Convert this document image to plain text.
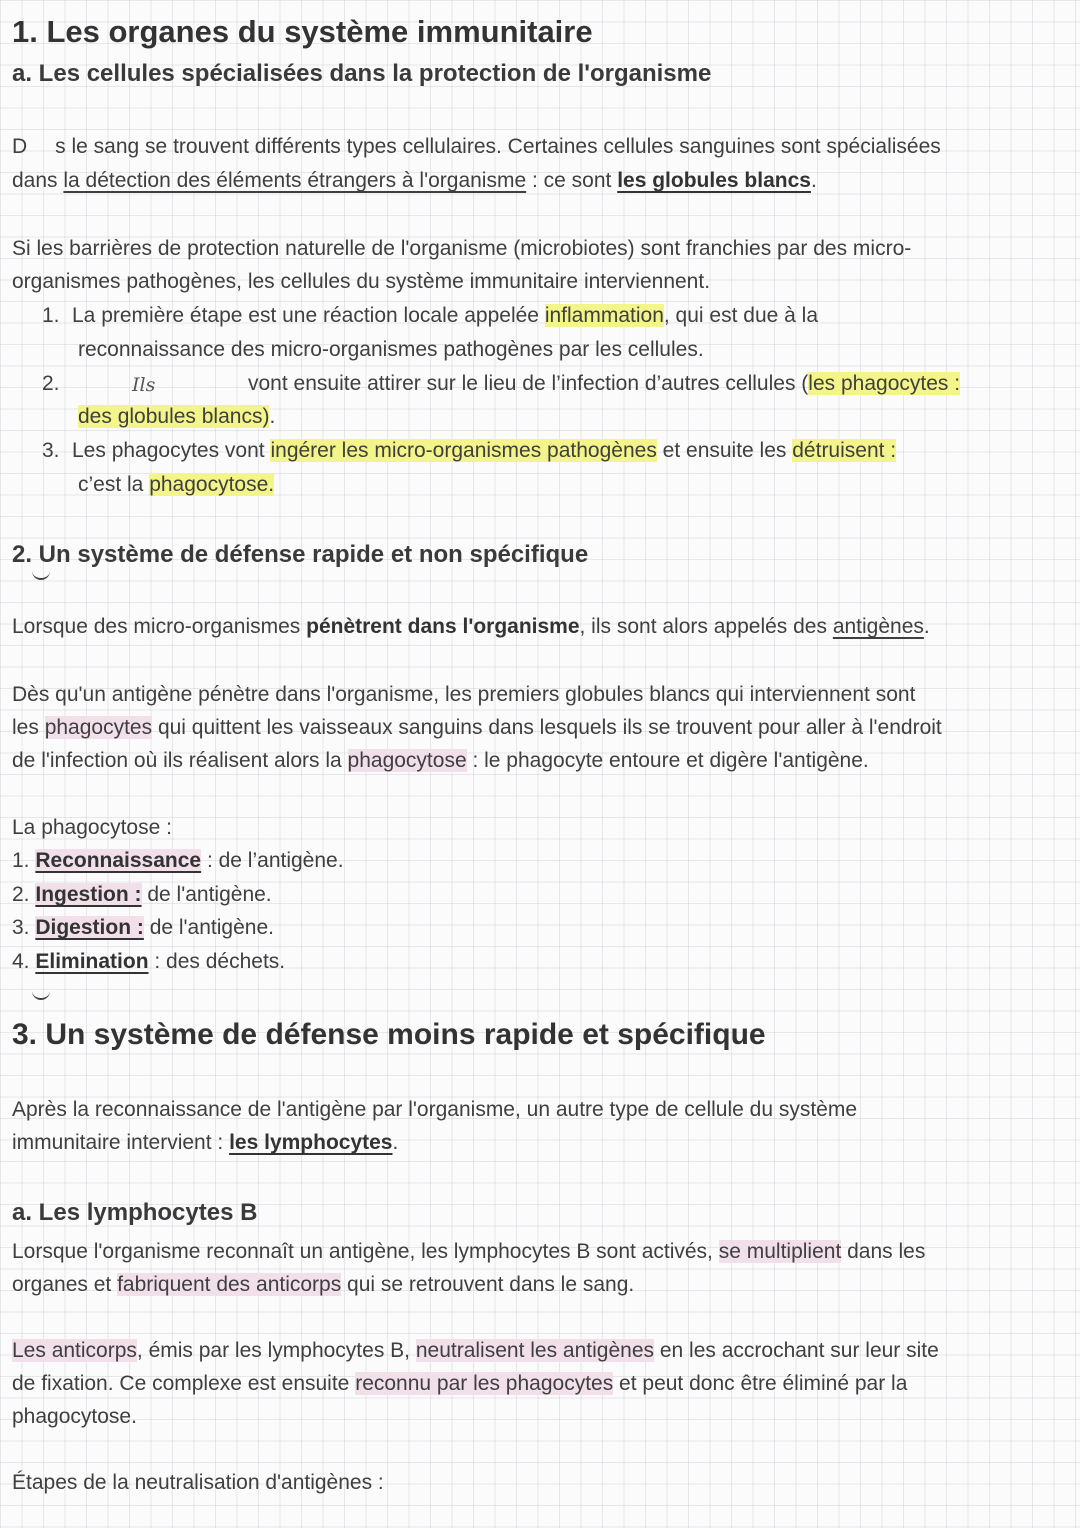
1. Les organes du système immunitaire
a. Les cellules spécialisées dans la protection de l'organisme
D s le sang se trouvent différents types cellulaires. Certaines cellules sanguines sont spécialisées
dans la détection des éléments étrangers à l'organisme : ce sont les globules blancs.
Si les barrières de protection naturelle de l'organisme (microbiotes) sont franchies par des micro-
organismes pathogènes, les cellules du système immunitaire interviennent.
1. La première étape est une réaction locale appelée inflammation, qui est due à la
reconnaissance des micro-organismes pathogènes par les cellules.
2.	Ils	vont ensuite attirer sur le lieu de l’infection d’autres cellules (les phagocytes :
des globules blancs).
3. Les phagocytes vont ingérer les micro-organismes pathogènes et ensuite les détruisent :
c’est la phagocytose.
2. Un système de défense rapide et non spécifique
Lorsque des micro-organismes pénètrent dans l'organisme, ils sont alors appelés des antigènes.
Dès qu'un antigène pénètre dans l'organisme, les premiers globules blancs qui interviennent sont
les phagocytes qui quittent les vaisseaux sanguins dans lesquels ils se trouvent pour aller à l'endroit
de l'infection où ils réalisent alors la phagocytose : le phagocyte entoure et digère l'antigène.
La phagocytose :
1. Reconnaissance : de l’antigène.
2. Ingestion : de l'antigène.
3. Digestion : de l'antigène.
4. Elimination : des déchets.
3. Un système de défense moins rapide et spécifique
Après la reconnaissance de l'antigène par l'organisme, un autre type de cellule du système
immunitaire intervient : les lymphocytes.
a. Les lymphocytes B
Lorsque l'organisme reconnaît un antigène, les lymphocytes B sont activés, se multiplient dans les
organes et fabriquent des anticorps qui se retrouvent dans le sang.
Les anticorps, émis par les lymphocytes B, neutralisent les antigènes en les accrochant sur leur site
de fixation. Ce complexe est ensuite reconnu par les phagocytes et peut donc être éliminé par la
phagocytose.
Étapes de la neutralisation d'antigènes :
